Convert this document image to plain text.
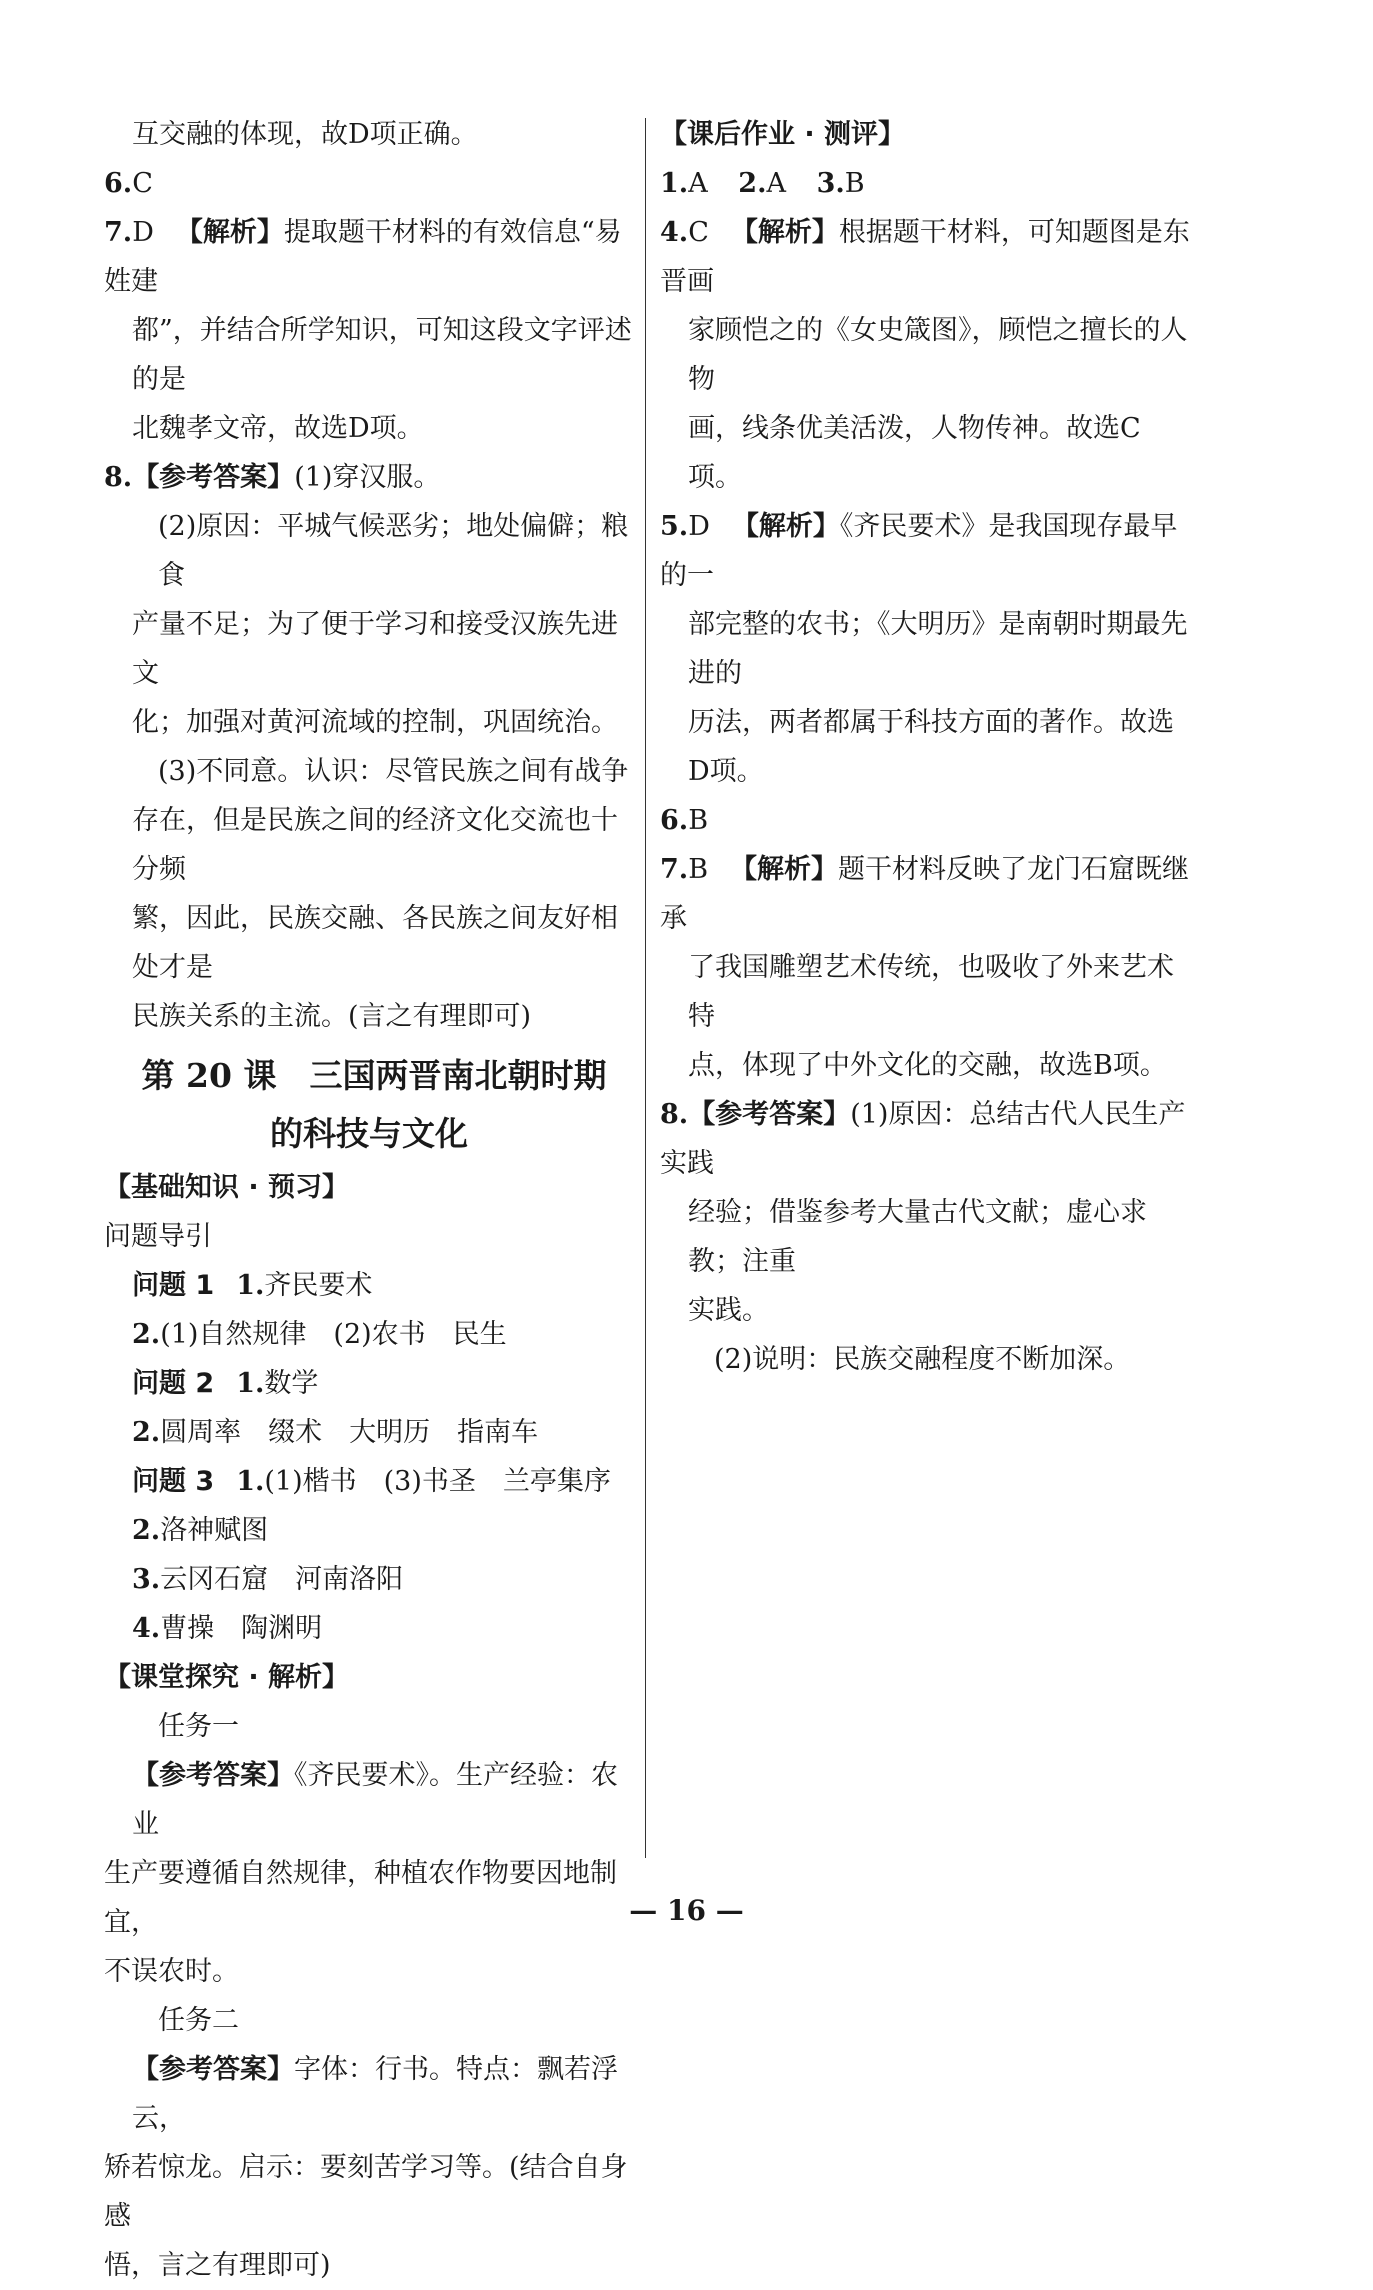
互交融的体现，故D项正确。

6.C

7.D 【解析】提取题干材料的有效信息“易姓建

都”，并结合所学知识，可知这段文字评述的是

北魏孝文帝，故选D项。

8.【参考答案】(1)穿汉服。

(2)原因：平城气候恶劣；地处偏僻；粮食

产量不足；为了便于学习和接受汉族先进文

化；加强对黄河流域的控制，巩固统治。

(3)不同意。认识：尽管民族之间有战争

存在，但是民族之间的经济文化交流也十分频

繁，因此，民族交融、各民族之间友好相处才是

民族关系的主流。(言之有理即可)

第 20 课　三国两晋南北朝时期
的科技与文化

【基础知识 · 预习】

问题导引

问题 1 1.齐民要术

2.(1)自然规律　(2)农书　民生

问题 2 1.数学

2.圆周率　缀术　大明历　指南车

问题 3 1.(1)楷书　(3)书圣　兰亭集序

2.洛神赋图

3.云冈石窟　河南洛阳

4.曹操　陶渊明

【课堂探究 · 解析】

任务一

【参考答案】《齐民要术》。生产经验：农业

生产要遵循自然规律，种植农作物要因地制宜，

不误农时。

任务二

【参考答案】字体：行书。特点：飘若浮云，

矫若惊龙。启示：要刻苦学习等。(结合自身感

悟，言之有理即可)

【课后作业 · 测评】

1.A 2.A 3.B

4.C 【解析】根据题干材料，可知题图是东晋画

家顾恺之的《女史箴图》，顾恺之擅长的人物

画，线条优美活泼，人物传神。故选C项。

5.D 【解析】《齐民要术》是我国现存最早的一

部完整的农书；《大明历》是南朝时期最先进的

历法，两者都属于科技方面的著作。故选

D项。

6.B

7.B 【解析】题干材料反映了龙门石窟既继承

了我国雕塑艺术传统，也吸收了外来艺术特

点，体现了中外文化的交融，故选B项。

8.【参考答案】(1)原因：总结古代人民生产实践

经验；借鉴参考大量古代文献；虚心求教；注重

实践。

(2)说明：民族交融程度不断加深。

— 16 —
